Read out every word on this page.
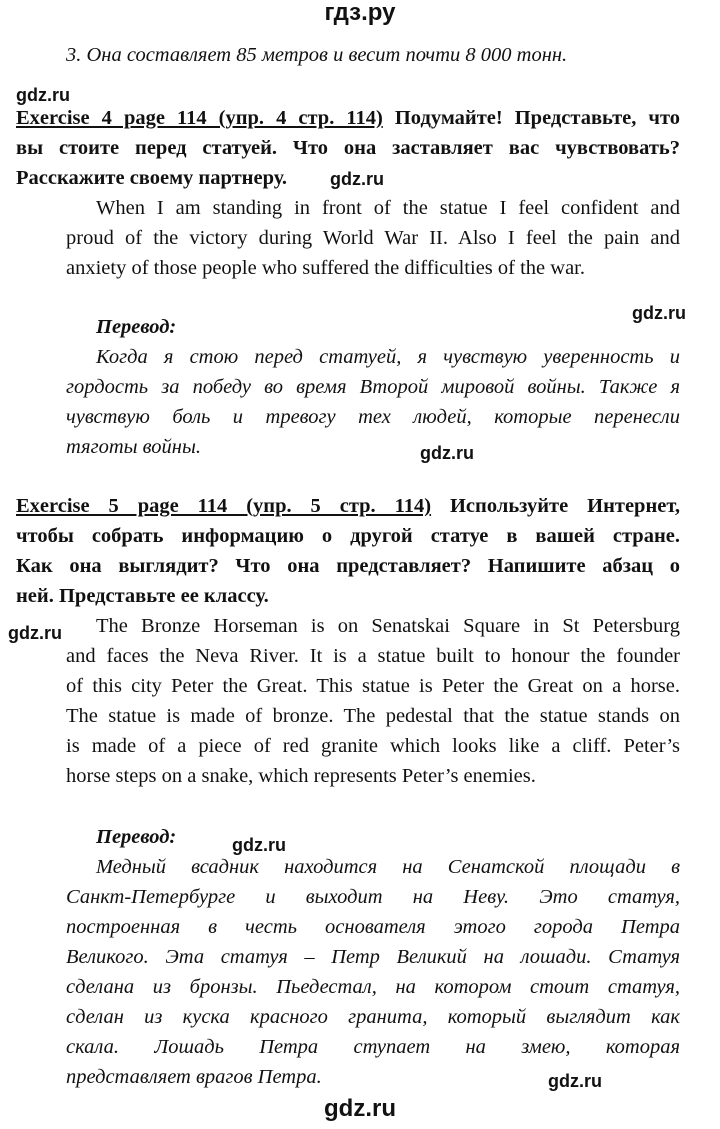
гдз.ру
3. Она составляет 85 метров и весит почти 8 000 тонн.
gdz.ru
Exercise 4 page 114 (упр. 4 стр. 114) Подумайте! Представьте, что
вы стоите перед статуей. Что она заставляет вас чувствовать?
Расскажите своему партнеру. gdz.ru
When I am standing in front of the statue I feel confident and
proud of the victory during World War II. Also I feel the pain and
anxiety of those people who suffered the difficulties of the war.
gdz.ru
Перевод:
Когда я стою перед статуей, я чувствую уверенность и
гордость за победу во время Второй мировой войны. Также я
чувствую боль и тревогу тех людей, которые перенесли
тяготы войны.	gdz.ru
Exercise 5 page 114 (упр. 5 стр. 114) Используйте Интернет,
чтобы собрать информацию о другой статуе в вашей стране.
Как она выглядит? Что она представляет? Напишите абзац о
ней. Представьте ее классу.
gdz.ru The Bronze Horseman is on Senatskai Square in St Petersburg
and faces the Neva River. It is a statue built to honour the founder
of this city Peter the Great. This statue is Peter the Great on a horse.
The statue is made of bronze. The pedestal that the statue stands on
is made of a piece of red granite which looks like a cliff. Peter’s
horse steps on a snake, which represents Peter’s enemies.
Перевод:	gdz.ru
Медный всадник находится на Сенатской площади в
Санкт-Петербурге и выходит на Неву. Это статуя,
построенная в честь основателя этого города Петра
Великого. Эта статуя – Петр Великий на лошади. Статуя
сделана из бронзы. Пьедестал, на котором стоит статуя,
сделан из куска красного гранита, который выглядит как
скала. Лошадь Петра ступает на змею, которая
представляет врагов Петра.	gdz.ru
gdz.ru
